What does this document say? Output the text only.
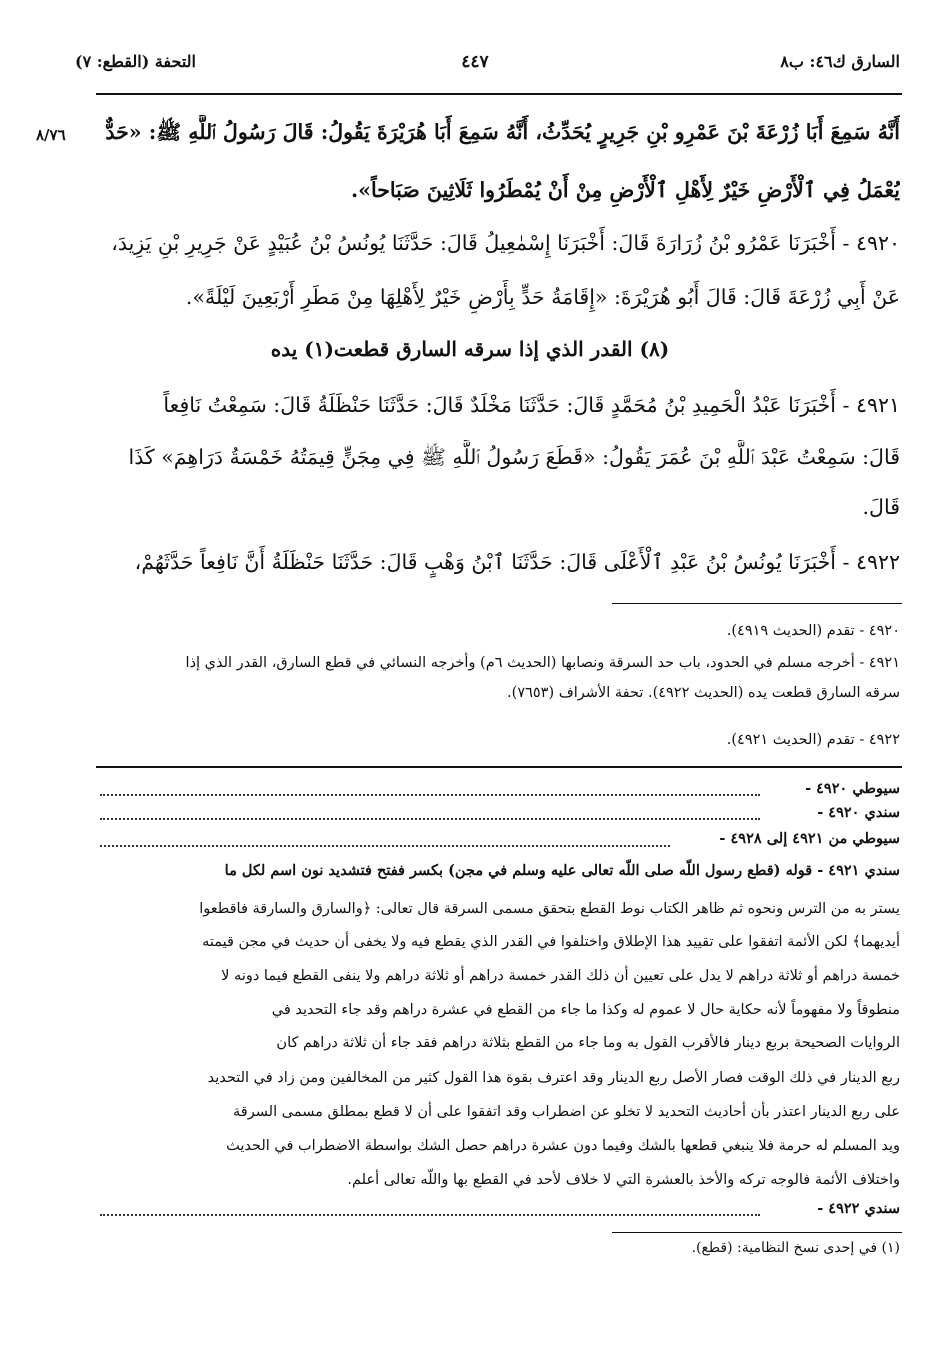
السارق ك٤٦: ب٨
٤٤٧
التحفة (القطع: ٧)
٨/٧٦ أَنَّهُ سَمِعَ أَبَا زُرْعَةَ بْنَ عَمْرِو بْنِ جَرِيرٍ يُحَدِّثُ، أَنَّهُ سَمِعَ أَبَا هُرَيْرَةَ يَقُولُ: قَالَ رَسُولُ ٱللَّهِ ﷺ: «حَدٌّ
يُعْمَلُ فِي ٱلْأَرْضِ خَيْرٌ لِأَهْلِ ٱلْأَرْضِ مِنْ أَنْ يُمْطَرُوا ثَلَاثِينَ صَبَاحاً».
٤٩٢٠ - أَخْبَرَنَا عَمْرُو بْنُ زُرَارَةَ قَالَ: أَخْبَرَنَا إِسْمٰعِيلُ قَالَ: حَدَّثَنَا يُونُسُ بْنُ عُبَيْدٍ عَنْ جَرِيرِ بْنِ يَزِيدَ،
عَنْ أَبِي زُرْعَةَ قَالَ: قَالَ أَبُو هُرَيْرَةَ: «إِقَامَةُ حَدٍّ بِأَرْضٍ خَيْرٌ لِأَهْلِهَا مِنْ مَطَرِ أَرْبَعِينَ لَيْلَةً».
(٨) القدر الذي إذا سرقه السارق قطعت(١) يده
٤٩٢١ - أَخْبَرَنَا عَبْدُ الْحَمِيدِ بْنُ مُحَمَّدٍ قَالَ: حَدَّثَنَا مَخْلَدٌ قَالَ: حَدَّثَنَا حَنْظَلَةُ قَالَ: سَمِعْتُ نَافِعاً
قَالَ: سَمِعْتُ عَبْدَ ٱللَّهِ بْنَ عُمَرَ يَقُولُ: «قَطَعَ رَسُولُ ٱللَّهِ ﷺ فِي مِجَنٍّ قِيمَتُهُ خَمْسَةُ دَرَاهِمَ» كَذَا
قَالَ.
٤٩٢٢ - أَخْبَرَنَا يُونُسُ بْنُ عَبْدِ ٱلْأَعْلَى قَالَ: حَدَّثَنَا ٱبْنُ وَهْبٍ قَالَ: حَدَّثَنَا حَنْظَلَةُ أَنَّ نَافِعاً حَدَّثَهُمْ،
٤٩٢٠ - تقدم (الحديث ٤٩١٩).
٤٩٢١ - أخرجه مسلم في الحدود، باب حد السرقة ونصابها (الحديث ٦م) وأخرجه النسائي في قطع السارق، القدر الذي إذا
سرقه السارق قطعت يده (الحديث ٤٩٢٢). تحفة الأشراف (٧٦٥٣).
٤٩٢٢ - تقدم (الحديث ٤٩٢١).
سيوطي ٤٩٢٠ -
سندي ٤٩٢٠ -
سيوطي من ٤٩٢١ إلى ٤٩٢٨ -
سندي ٤٩٢١ - قوله (قطع رسول اللّه صلى اللّه تعالى عليه وسلم في مجن) بكسر ففتح فتشديد نون اسم لكل ما
يستر به من الترس ونحوه ثم ظاهر الكتاب نوط القطع بتحقق مسمى السرقة قال تعالى: ﴿والسارق والسارقة فاقطعوا
أيديهما﴾ لكن الأئمة اتفقوا على تقييد هذا الإطلاق واختلفوا في القدر الذي يقطع فيه ولا يخفى أن حديث في مجن قيمته
خمسة دراهم أو ثلاثة دراهم لا يدل على تعيين أن ذلك القدر خمسة دراهم أو ثلاثة دراهم ولا ينفى القطع فيما دونه لا
منطوقاً ولا مفهوماً لأنه حكاية حال لا عموم له وكذا ما جاء من القطع في عشرة دراهم وقد جاء التحديد في
الروايات الصحيحة بربع دينار فالأقرب القول به وما جاء من القطع بثلاثة دراهم فقد جاء أن ثلاثة دراهم كان
ربع الدينار في ذلك الوقت فصار الأصل ربع الدينار وقد اعترف بقوة هذا القول كثير من المخالفين ومن زاد في التحديد
على ربع الدينار اعتذر بأن أحاديث التحديد لا تخلو عن اضطراب وقد اتفقوا على أن لا قطع بمطلق مسمى السرقة
ويد المسلم له حرمة فلا ينبغي قطعها بالشك وفيما دون عشرة دراهم حصل الشك بواسطة الاضطراب في الحديث
واختلاف الأئمة فالوجه تركه والأخذ بالعشرة التي لا خلاف لأحد في القطع بها واللّه تعالى أعلم.
سندي ٤٩٢٢ -
(١) في إحدى نسخ النظامية: (قطع).
